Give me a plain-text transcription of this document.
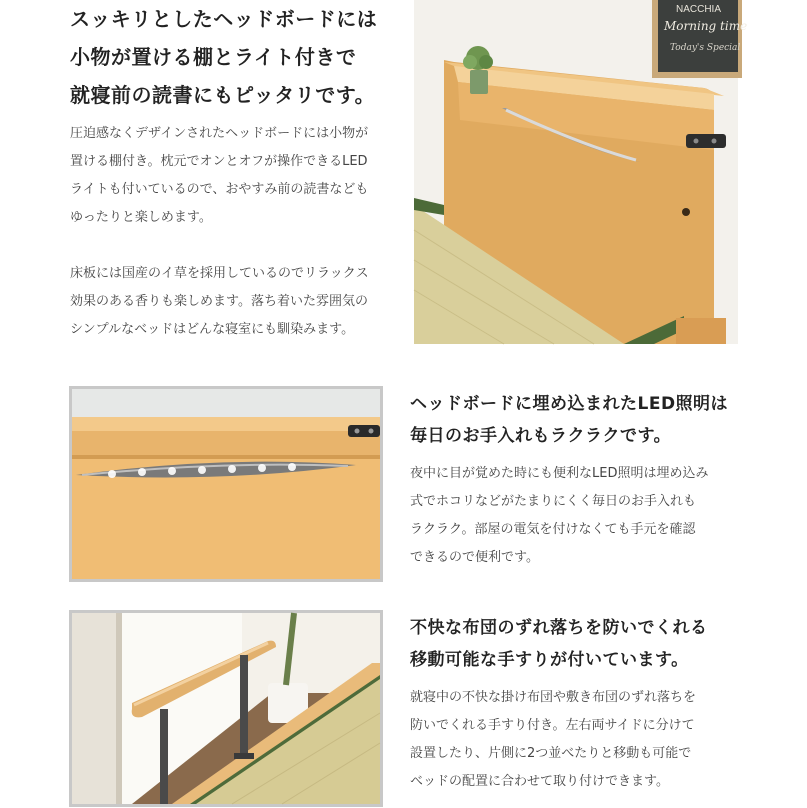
スッキリとしたヘッドボードには
小物が置ける棚とライト付きで
就寝前の読書にもピッタリです。
圧迫感なくデザインされたヘッドボードには小物が
置ける棚付き。枕元でオンとオフが操作できるLED
ライトも付いているので、おやすみ前の読書なども
ゆったりと楽しめます。

床板には国産のイ草を採用しているのでリラックス
効果のある香りも楽しめます。落ち着いた雰囲気の
シンプルなベッドはどんな寝室にも馴染みます。
NACCHIA
Morning time
Today's Special
ヘッドボードに埋め込まれたLED照明は
毎日のお手入れもラクラクです。
夜中に目が覚めた時にも便利なLED照明は埋め込み
式でホコリなどがたまりにくく毎日のお手入れも
ラクラク。部屋の電気を付けなくても手元を確認
できるので便利です。
不快な布団のずれ落ちを防いでくれる
移動可能な手すりが付いています。
就寝中の不快な掛け布団や敷き布団のずれ落ちを
防いでくれる手すり付き。左右両サイドに分けて
設置したり、片側に2つ並べたりと移動も可能で
ベッドの配置に合わせて取り付けできます。
